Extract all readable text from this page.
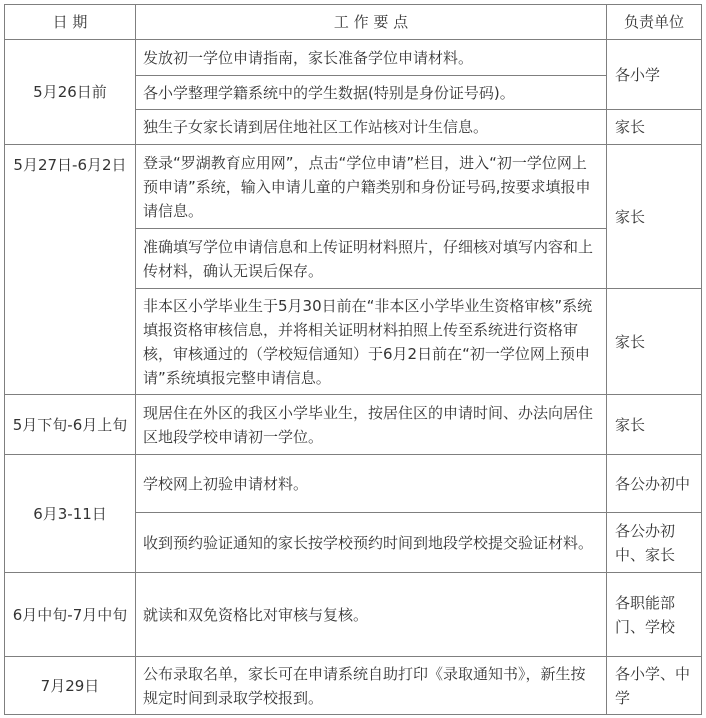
日 期	工 作 要 点	负责单位
5月26日前	发放初一学位申请指南，家长准备学位申请材料。	各小学
	各小学整理学籍系统中的学生数据(特别是身份证号码)。	
	独生子女家长请到居住地社区工作站核对计生信息。	家长
5月27日-6月2日	登录“罗湖教育应用网”，点击“学位申请”栏目，进入“初一学位网上预申请”系统，输入申请儿童的户籍类别和身份证号码,按要求填报申请信息。	家长
	准确填写学位申请信息和上传证明材料照片，仔细核对填写内容和上传材料，确认无误后保存。	
	非本区小学毕业生于5月30日前在“非本区小学毕业生资格审核”系统填报资格审核信息，并将相关证明材料拍照上传至系统进行资格审核，审核通过的（学校短信通知）于6月2日前在“初一学位网上预申请”系统填报完整申请信息。	家长
5月下旬-6月上旬	现居住在外区的我区小学毕业生，按居住区的申请时间、办法向居住区地段学校申请初一学位。	家长
6月3-11日	学校网上初验申请材料。	各公办初中
	收到预约验证通知的家长按学校预约时间到地段学校提交验证材料。	各公办初中、家长
6月中旬-7月中旬	就读和双免资格比对审核与复核。	各职能部门、学校
7月29日	公布录取名单，家长可在申请系统自助打印《录取通知书》，新生按规定时间到录取学校报到。	各小学、中学
